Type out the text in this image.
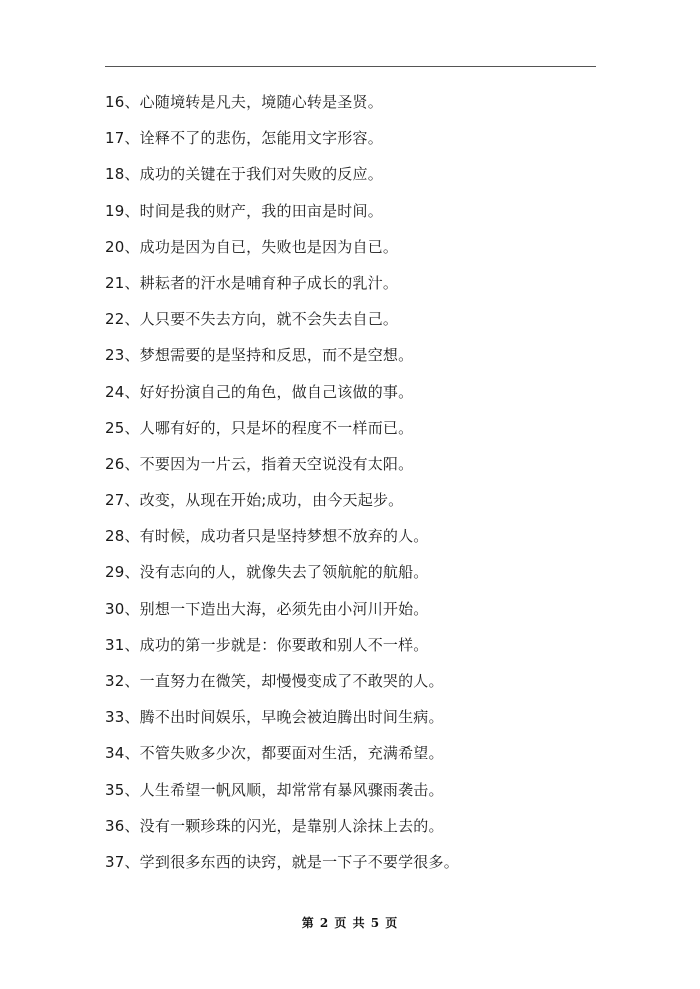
16、心随境转是凡夫，境随心转是圣贤。
17、诠释不了的悲伤，怎能用文字形容。
18、成功的关键在于我们对失败的反应。
19、时间是我的财产，我的田亩是时间。
20、成功是因为自已，失败也是因为自已。
21、耕耘者的汗水是哺育种子成长的乳汁。
22、人只要不失去方向，就不会失去自己。
23、梦想需要的是坚持和反思，而不是空想。
24、好好扮演自己的角色，做自己该做的事。
25、人哪有好的，只是坏的程度不一样而已。
26、不要因为一片云，指着天空说没有太阳。
27、改变，从现在开始;成功，由今天起步。
28、有时候，成功者只是坚持梦想不放弃的人。
29、没有志向的人，就像失去了领航舵的航船。
30、别想一下造出大海，必须先由小河川开始。
31、成功的第一步就是：你要敢和别人不一样。
32、一直努力在微笑，却慢慢变成了不敢哭的人。
33、腾不出时间娱乐，早晚会被迫腾出时间生病。
34、不管失败多少次，都要面对生活，充满希望。
35、人生希望一帆风顺，却常常有暴风骤雨袭击。
36、没有一颗珍珠的闪光，是靠别人涂抹上去的。
37、学到很多东西的诀窍，就是一下子不要学很多。
第 2 页 共 5 页
